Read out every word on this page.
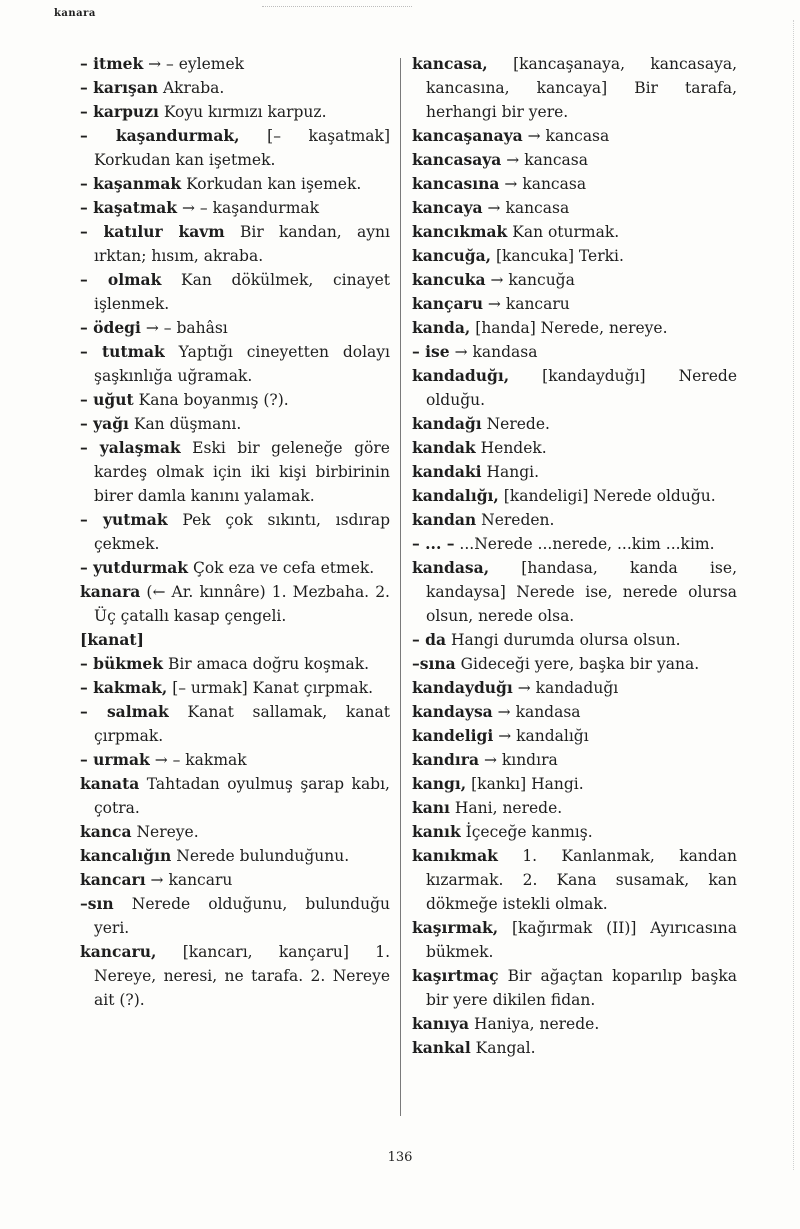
kanara
– itmek → – eylemek
– karışan Akraba.
– karpuzı Koyu kırmızı karpuz.
– kaşandurmak, [– kaşatmak] Korkudan kan işetmek.
– kaşanmak Korkudan kan işemek.
– kaşatmak → – kaşandurmak
– katılur kavm Bir kandan, aynı ırktan; hısım, akraba.
– olmak Kan dökülmek, cinayet işlenmek.
– ödegi → – bahâsı
– tutmak Yaptığı cineyetten dolayı şaşkınlığa uğramak.
– uğut Kana boyanmış (?).
– yağı Kan düşmanı.
– yalaşmak Eski bir geleneğe göre kardeş olmak için iki kişi birbirinin birer damla kanını yalamak.
– yutmak Pek çok sıkıntı, ısdırap çekmek.
– yutdurmak Çok eza ve cefa etmek.
kanara (← Ar. kınnâre) 1. Mezbaha. 2. Üç çatallı kasap çengeli.
[kanat]
– bükmek Bir amaca doğru koşmak.
– kakmak, [– urmak] Kanat çırpmak.
– salmak Kanat sallamak, kanat çırpmak.
– urmak → – kakmak
kanata Tahtadan oyulmuş şarap kabı, çotra.
kanca Nereye.
kancalığın Nerede bulunduğunu.
kancarı → kancaru
–sın Nerede olduğunu, bulunduğu yeri.
kancaru, [kancarı, kançaru] 1. Nereye, neresi, ne tarafa. 2. Nereye ait (?).
kancasa, [kancaşanaya, kancasaya, kancasına, kancaya] Bir tarafa, herhangi bir yere.
kancaşanaya → kancasa
kancasaya → kancasa
kancasına → kancasa
kancaya → kancasa
kancıkmak Kan oturmak.
kancuğa, [kancuka] Terki.
kancuka → kancuğa
kançaru → kancaru
kanda, [handa] Nerede, nereye.
– ise → kandasa
kandaduğı, [kandayduğı] Nerede olduğu.
kandağı Nerede.
kandak Hendek.
kandaki Hangi.
kandalığı, [kandeligi] Nerede olduğu.
kandan Nereden.
– ... – ...Nerede ...nerede, ...kim ...kim.
kandasa, [handasa, kanda ise, kandaysa] Nerede ise, nerede olursa olsun, nerede olsa.
– da Hangi durumda olursa olsun.
–sına Gideceği yere, başka bir yana.
kandayduğı → kandaduğı
kandaysa → kandasa
kandeligi → kandalığı
kandıra → kındıra
kangı, [kankı] Hangi.
kanı Hani, nerede.
kanık İçeceğe kanmış.
kanıkmak 1. Kanlanmak, kandan kızarmak. 2. Kana susamak, kan dökmeğe istekli olmak.
kaşırmak, [kağırmak (II)] Ayırıcasına bükmek.
kaşırtmaç Bir ağaçtan koparılıp başka bir yere dikilen fidan.
kanıya Haniya, nerede.
kankal Kangal.
136
